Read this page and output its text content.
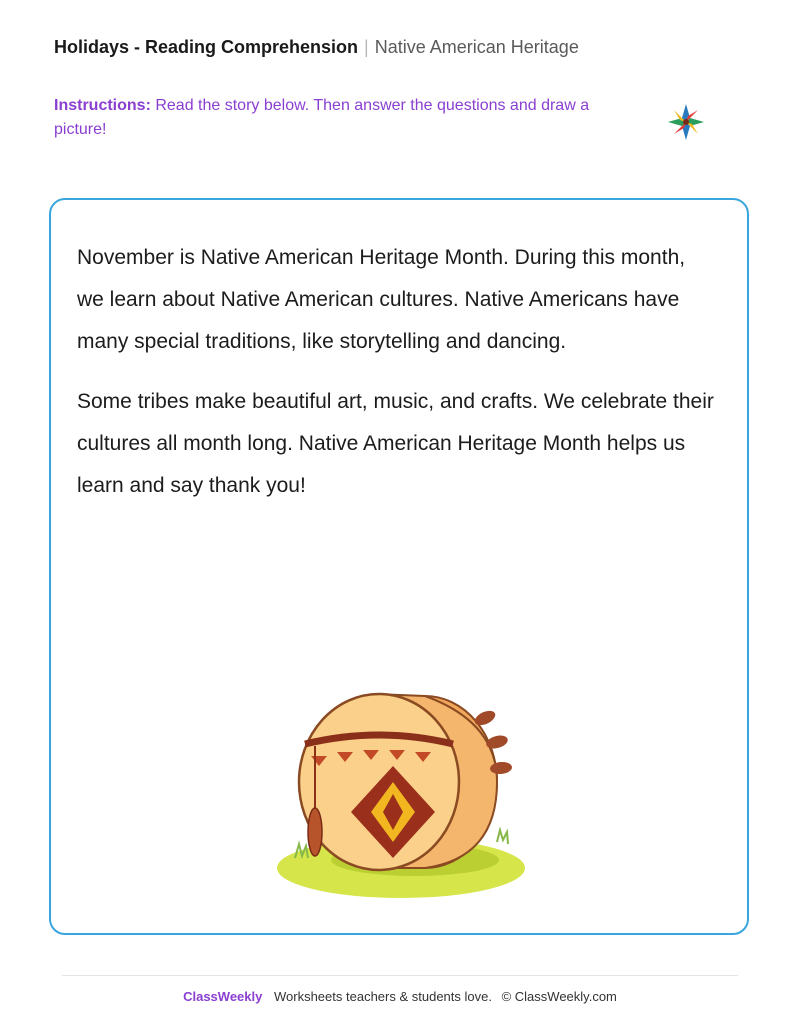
Holidays - Reading Comprehension | Native American Heritage
Instructions: Read the story below. Then answer the questions and draw a picture!

November is Native American Heritage Month. During this month, we learn about Native American cultures. Native Americans have many special traditions, like storytelling and dancing.

Some tribes make beautiful art, music, and crafts. We celebrate their cultures all month long. Native American Heritage Month helps us learn and say thank you!

ClassWeekly Worksheets teachers & students love. © ClassWeekly.com
